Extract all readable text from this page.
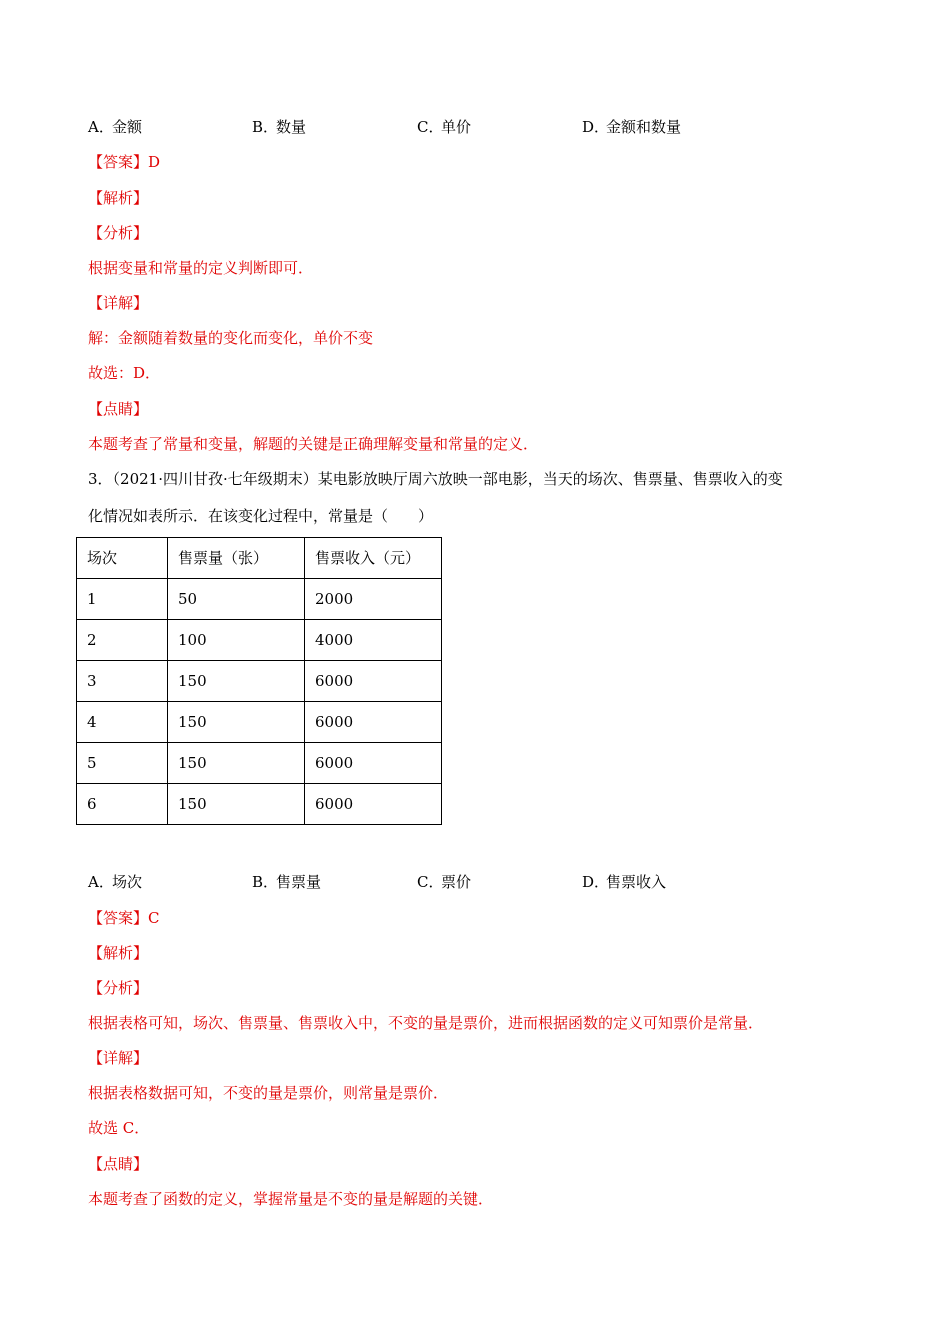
A．金额	B．数量	C．单价	D．金额和数量
【答案】D
【解析】
【分析】
根据变量和常量的定义判断即可．
【详解】
解：金额随着数量的变化而变化，单价不变
故选：D．
【点睛】
本题考查了常量和变量，解题的关键是正确理解变量和常量的定义．
3．（2021·四川甘孜·七年级期末）某电影放映厅周六放映一部电影，当天的场次、售票量、售票收入的变
化情况如表所示．在该变化过程中，常量是（　　）
场次	售票量（张）	售票收入（元）
1	50	2000
2	100	4000
3	150	6000
4	150	6000
5	150	6000
6	150	6000
A．场次	B．售票量	C．票价	D．售票收入
【答案】C
【解析】
【分析】
根据表格可知，场次、售票量、售票收入中，不变的量是票价，进而根据函数的定义可知票价是常量．
【详解】
根据表格数据可知，不变的量是票价，则常量是票价．
故选 C．
【点睛】
本题考查了函数的定义，掌握常量是不变的量是解题的关键．
